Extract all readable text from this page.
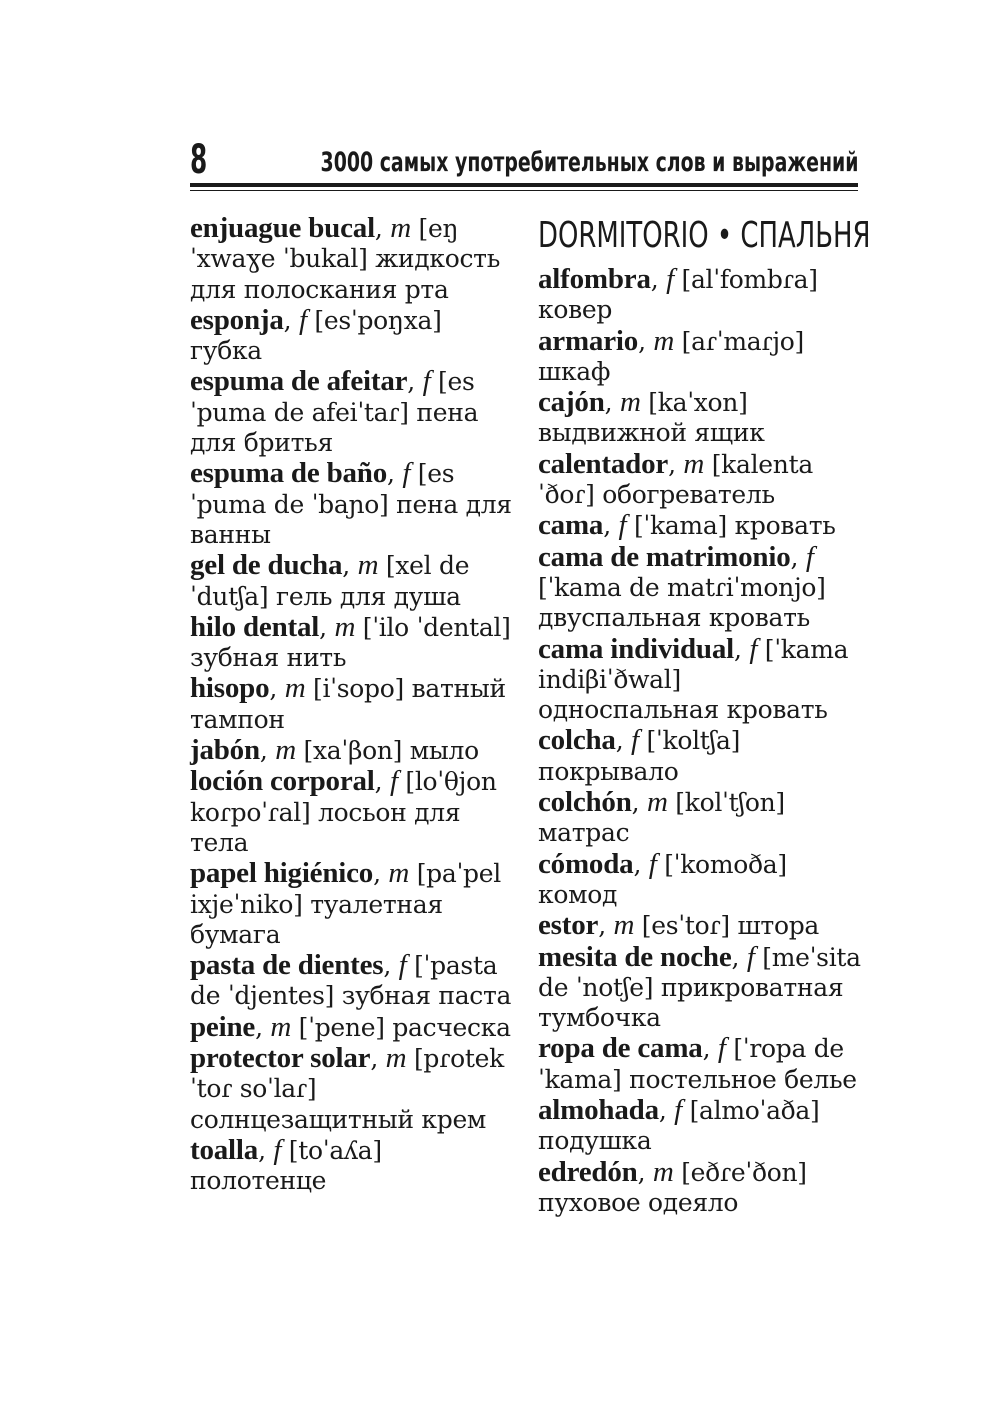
8	3000 самых употребительных слов и выражений
enjuague bucal, m [eŋˈxwaɣe ˈbukal] жидкость для полоскания рта
esponja, f [esˈpoŋxa] губка
espuma de afeitar, f [esˈpuma de afeiˈtaɾ] пена для бритья
espuma de baño, f [esˈpuma de ˈbaɲo] пена для ванны
gel de ducha, m [xel de ˈdutʃa] гель для душа
hilo dental, m [ˈilo ˈdental] зубная нить
hisopo, m [iˈsopo] ватный тампон
jabón, m [xaˈβon] мыло
loción corporal, f [loˈθjon koɾpoˈɾal] лосьон для тела
papel higiénico, m [paˈpel ixjeˈniko] туалетная бумага
pasta de dientes, f [ˈpasta de ˈdjentes] зубная паста
peine, m [ˈpene] расческа
protector solar, m [pɾotekˈtoɾ soˈlaɾ] солнцезащитный крем
toalla, f [toˈaʎa] полотенце
DORMITORIO • СПАЛЬНЯ
alfombra, f [alˈfombɾa] ковер
armario, m [aɾˈmaɾjo] шкаф
cajón, m [kaˈxon] выдвижной ящик
calentador, m [kalentaˈðoɾ] обогреватель
cama, f [ˈkama] кровать
cama de matrimonio, f [ˈkama de matɾiˈmonjo] двуспальная кровать
cama individual, f [ˈkama indiβiˈðwal] односпальная кровать
colcha, f [ˈkoltʃa] покрывало
colchón, m [kolˈtʃon] матрас
cómoda, f [ˈkomoða] комод
estor, m [esˈtoɾ] штора
mesita de noche, f [meˈsita de ˈnotʃe] прикроватная тумбочка
ropa de cama, f [ˈropa de ˈkama] постельное белье
almohada, f [almoˈaða] подушка
edredón, m [eðɾeˈðon] пуховое одеяло
